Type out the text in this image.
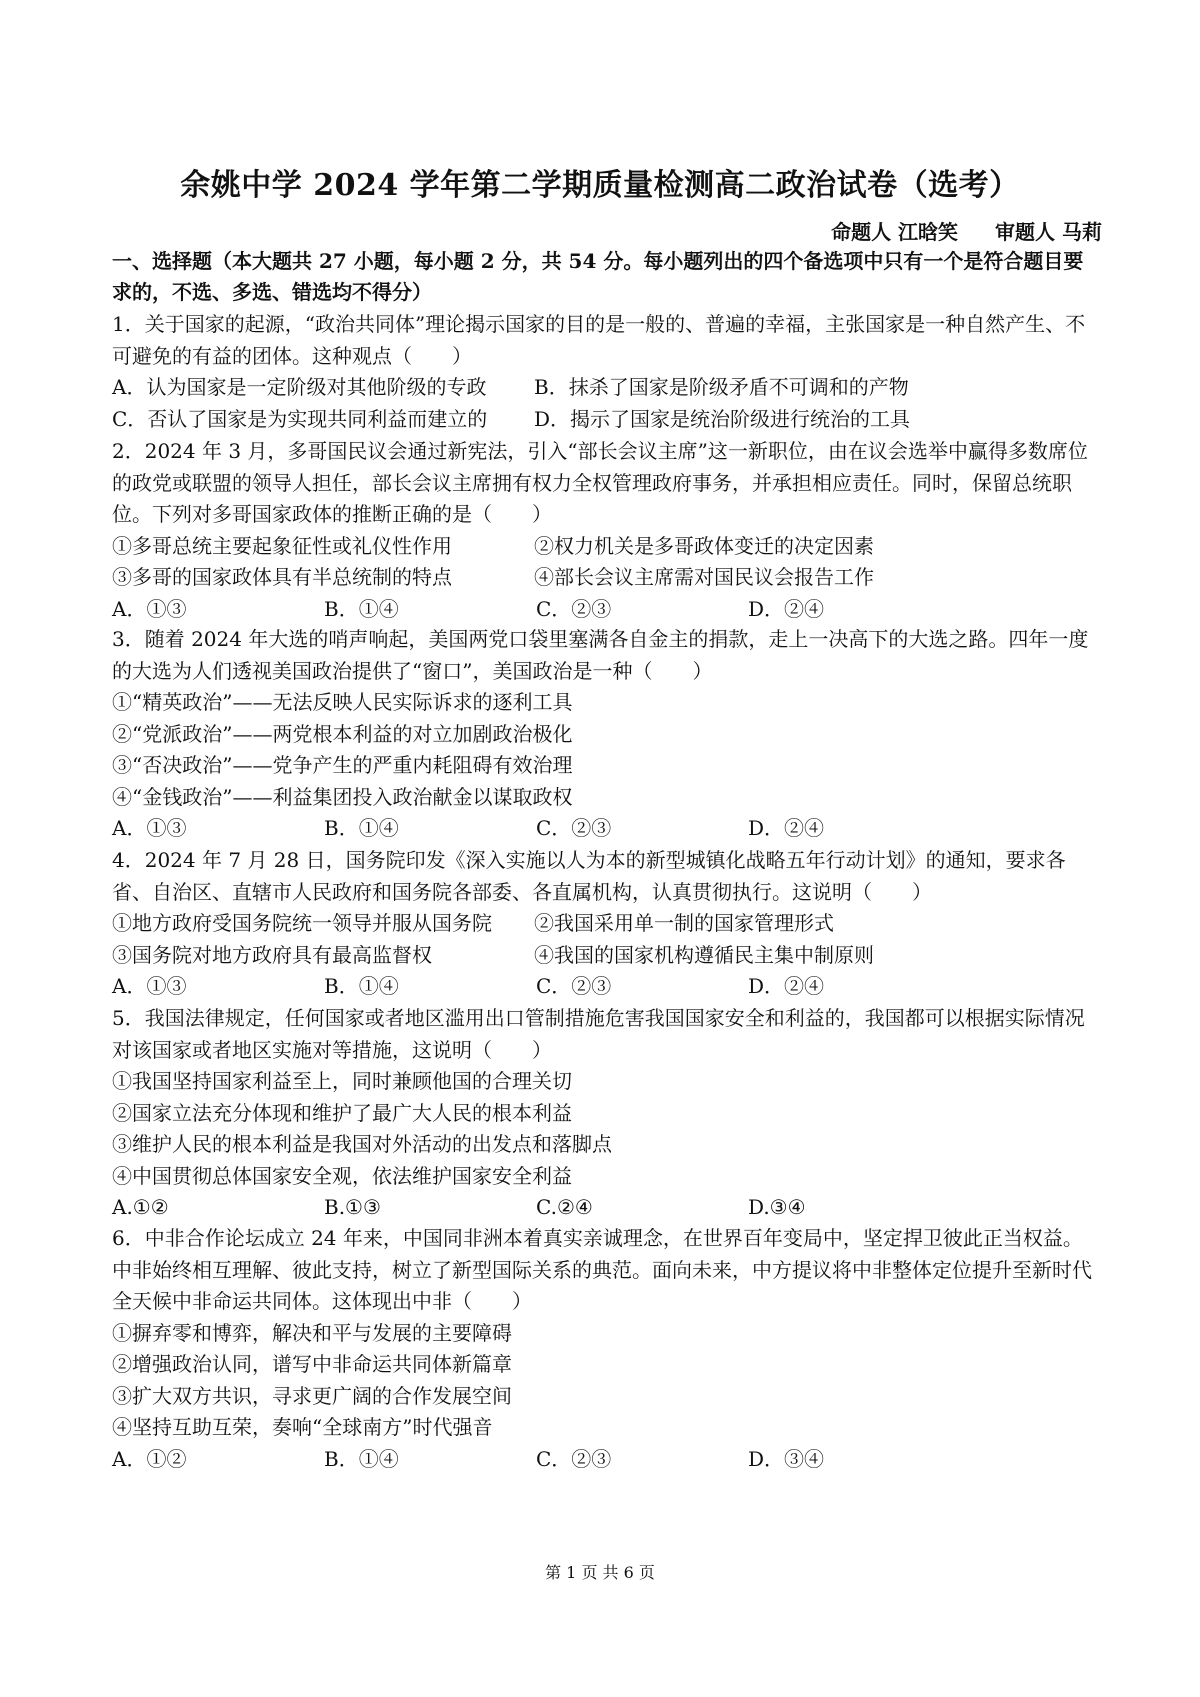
余姚中学 2024 学年第二学期质量检测高二政治试卷（选考）
命题人 江晗笑 审题人 马莉
一、选择题（本大题共 27 小题，每小题 2 分，共 54 分。每小题列出的四个备选项中只有一个是符合题目要求的，不选、多选、错选均不得分）
1．关于国家的起源，“政治共同体”理论揭示国家的目的是一般的、普遍的幸福，主张国家是一种自然产生、不可避免的有益的团体。这种观点（　　）
A．认为国家是一定阶级对其他阶级的专政	B．抹杀了国家是阶级矛盾不可调和的产物
C．否认了国家是为实现共同利益而建立的	D．揭示了国家是统治阶级进行统治的工具
2．2024 年 3 月，多哥国民议会通过新宪法，引入“部长会议主席”这一新职位，由在议会选举中赢得多数席位的政党或联盟的领导人担任，部长会议主席拥有权力全权管理政府事务，并承担相应责任。同时，保留总统职位。下列对多哥国家政体的推断正确的是（　　）
①多哥总统主要起象征性或礼仪性作用	②权力机关是多哥政体变迁的决定因素
③多哥的国家政体具有半总统制的特点	④部长会议主席需对国民议会报告工作
A．①③	B．①④	C．②③	D．②④
3．随着 2024 年大选的哨声响起，美国两党口袋里塞满各自金主的捐款，走上一决高下的大选之路。四年一度的大选为人们透视美国政治提供了“窗口”，美国政治是一种（　　）
①“精英政治”——无法反映人民实际诉求的逐利工具
②“党派政治”——两党根本利益的对立加剧政治极化
③“否决政治”——党争产生的严重内耗阻碍有效治理
④“金钱政治”——利益集团投入政治献金以谋取政权
A．①③	B．①④	C．②③	D．②④
4．2024 年 7 月 28 日，国务院印发《深入实施以人为本的新型城镇化战略五年行动计划》的通知，要求各省、自治区、直辖市人民政府和国务院各部委、各直属机构，认真贯彻执行。这说明（　　）
①地方政府受国务院统一领导并服从国务院	②我国采用单一制的国家管理形式
③国务院对地方政府具有最高监督权	④我国的国家机构遵循民主集中制原则
A．①③	B．①④	C．②③	D．②④
5．我国法律规定，任何国家或者地区滥用出口管制措施危害我国国家安全和利益的，我国都可以根据实际情况对该国家或者地区实施对等措施，这说明（　　）
①我国坚持国家利益至上，同时兼顾他国的合理关切
②国家立法充分体现和维护了最广大人民的根本利益
③维护人民的根本利益是我国对外活动的出发点和落脚点
④中国贯彻总体国家安全观，依法维护国家安全利益
A.①②	B.①③	C.②④	D.③④
6．中非合作论坛成立 24 年来，中国同非洲本着真实亲诚理念，在世界百年变局中，坚定捍卫彼此正当权益。中非始终相互理解、彼此支持，树立了新型国际关系的典范。面向未来，中方提议将中非整体定位提升至新时代全天候中非命运共同体。这体现出中非（　　）
①摒弃零和博弈，解决和平与发展的主要障碍
②增强政治认同，谱写中非命运共同体新篇章
③扩大双方共识，寻求更广阔的合作发展空间
④坚持互助互荣，奏响“全球南方”时代强音
A．①②	B．①④	C．②③	D．③④
第 1 页 共 6 页
